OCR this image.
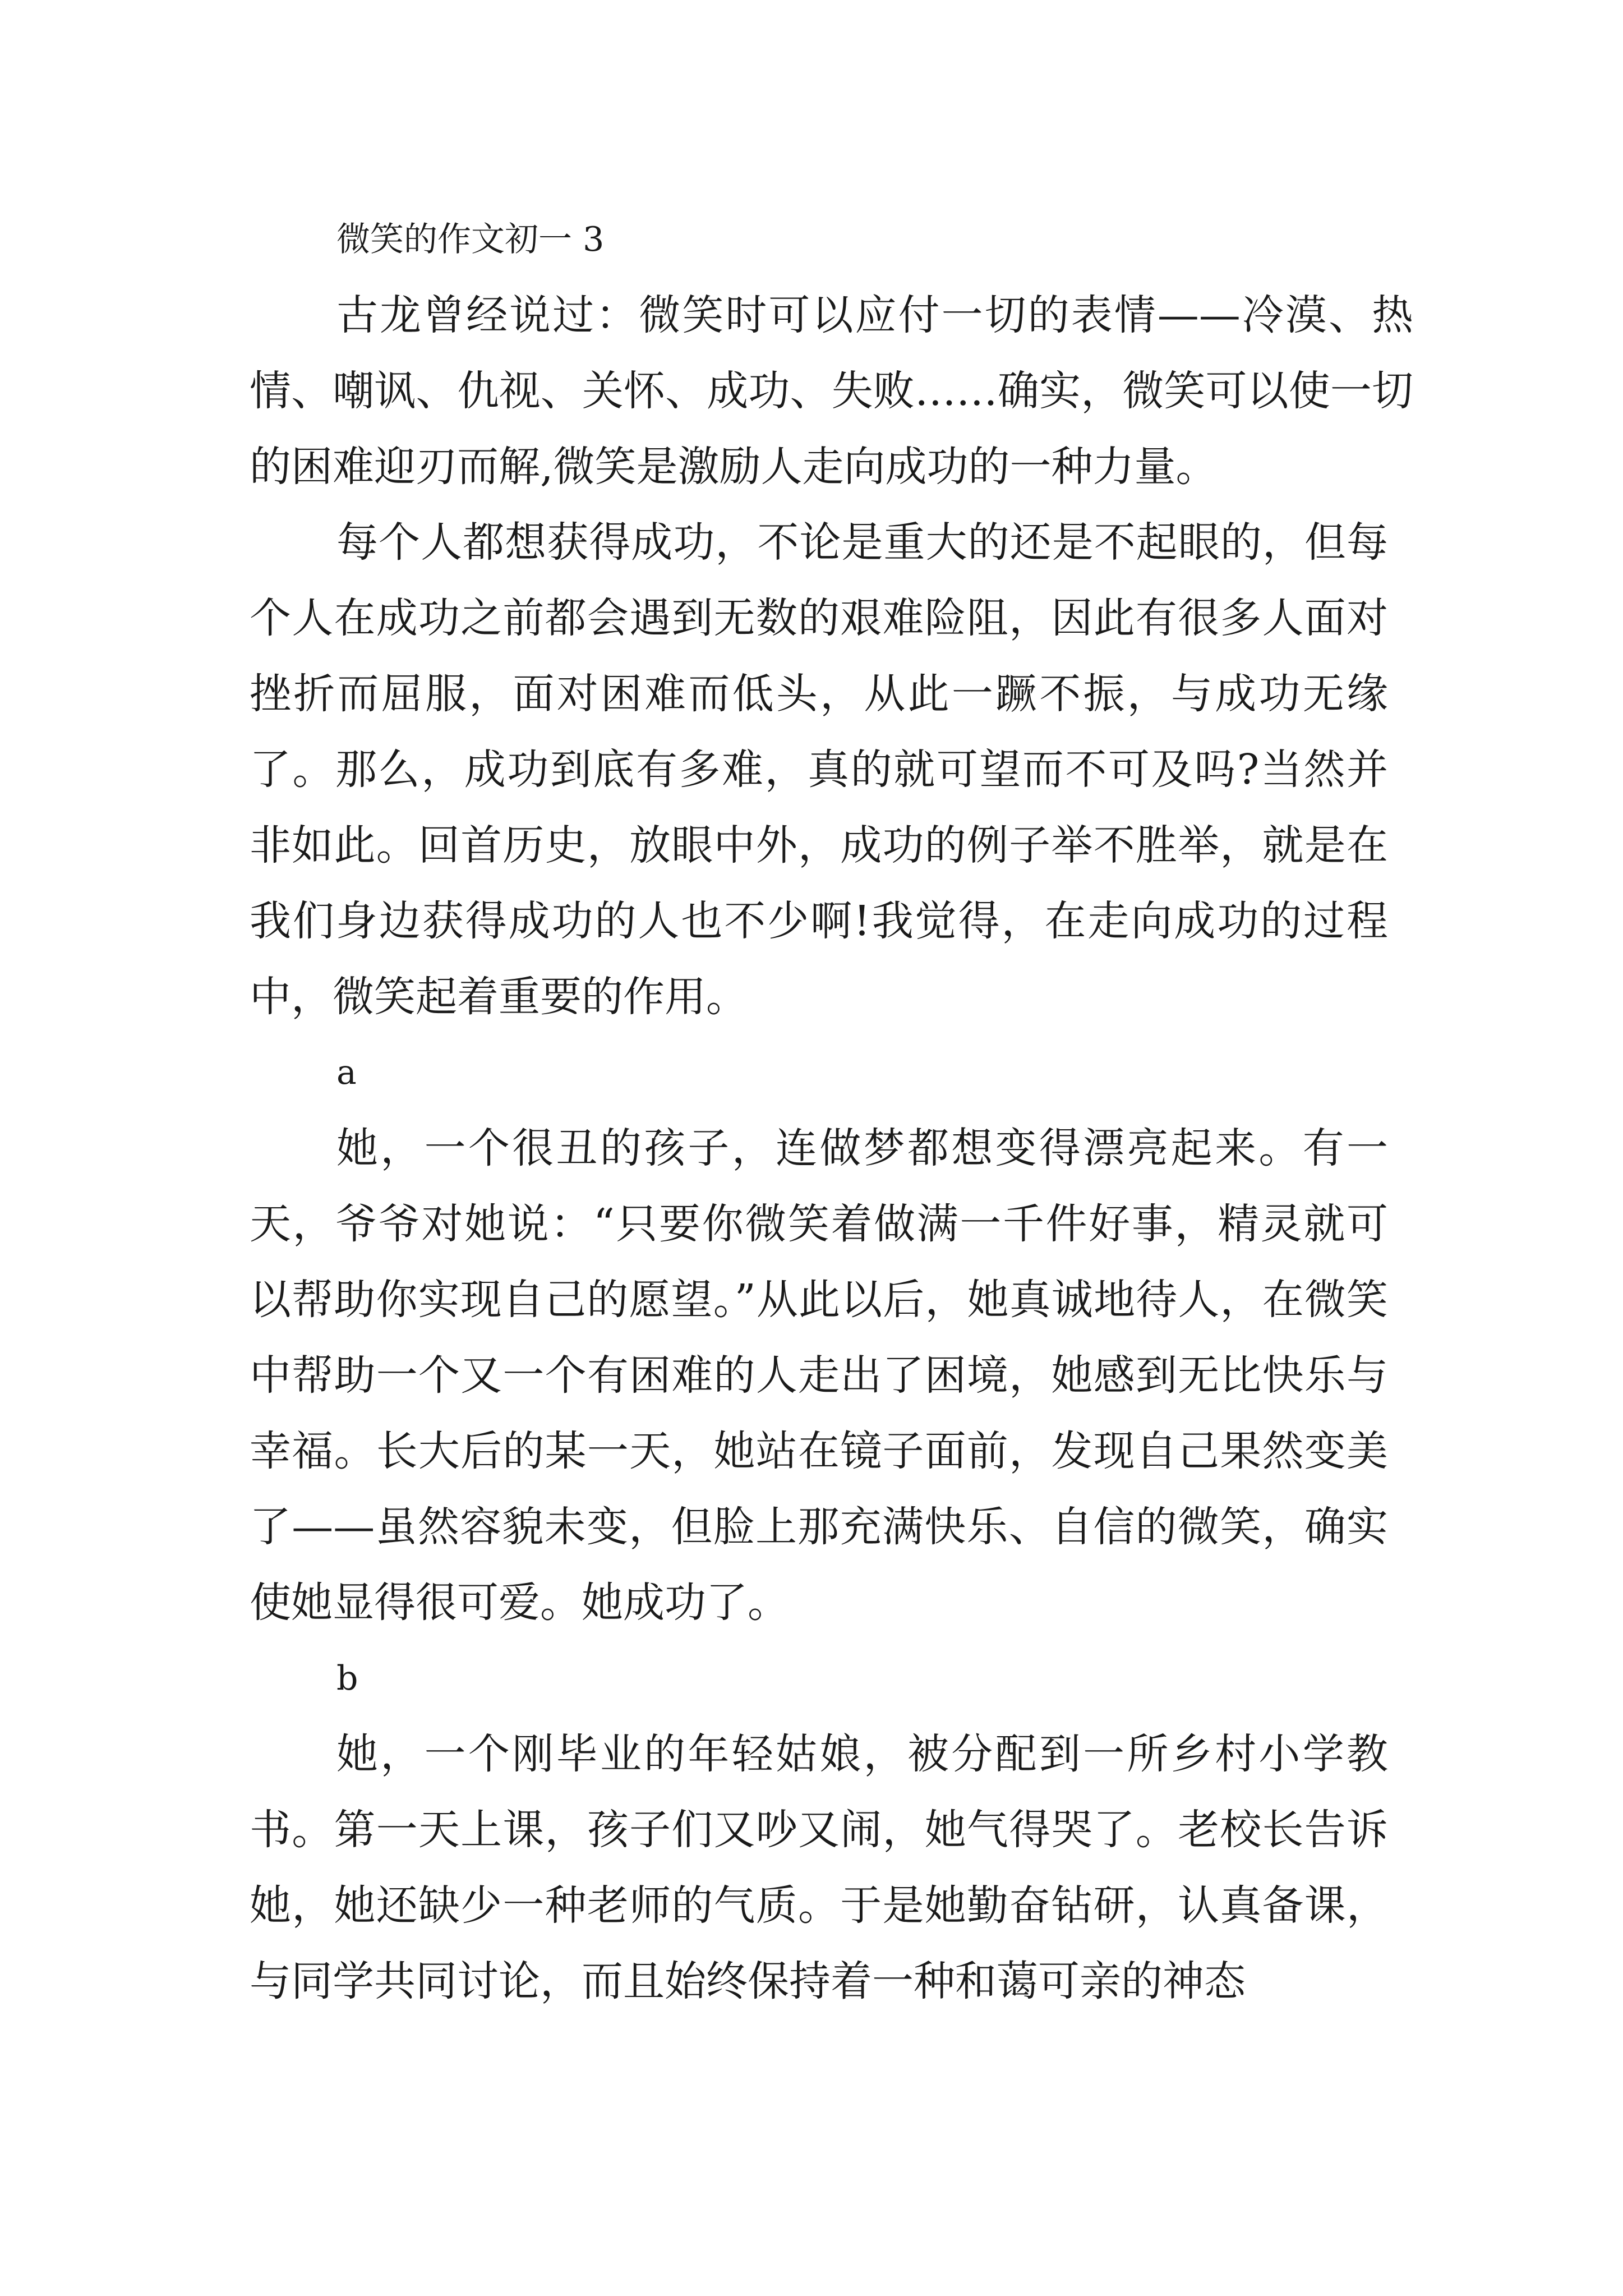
微笑的作文初一 3

古龙曾经说过：微笑时可以应付一切的表情——冷漠、热情、嘲讽、仇视、关怀、成功、失败……确实，微笑可以使一切的困难迎刃而解,微笑是激励人走向成功的一种力量。

每个人都想获得成功，不论是重大的还是不起眼的，但每个人在成功之前都会遇到无数的艰难险阻，因此有很多人面对挫折而屈服，面对困难而低头，从此一蹶不振，与成功无缘了。那么，成功到底有多难，真的就可望而不可及吗?当然并非如此。回首历史，放眼中外，成功的例子举不胜举，就是在我们身边获得成功的人也不少啊!我觉得，在走向成功的过程中，微笑起着重要的作用。

a

她，一个很丑的孩子，连做梦都想变得漂亮起来。有一天，爷爷对她说：“只要你微笑着做满一千件好事，精灵就可以帮助你实现自己的愿望。”从此以后，她真诚地待人，在微笑中帮助一个又一个有困难的人走出了困境，她感到无比快乐与幸福。长大后的某一天，她站在镜子面前，发现自己果然变美了——虽然容貌未变，但脸上那充满快乐、自信的微笑，确实使她显得很可爱。她成功了。

b

她，一个刚毕业的年轻姑娘，被分配到一所乡村小学教书。第一天上课，孩子们又吵又闹，她气得哭了。老校长告诉她，她还缺少一种老师的气质。于是她勤奋钻研，认真备课，与同学共同讨论，而且始终保持着一种和蔼可亲的神态
